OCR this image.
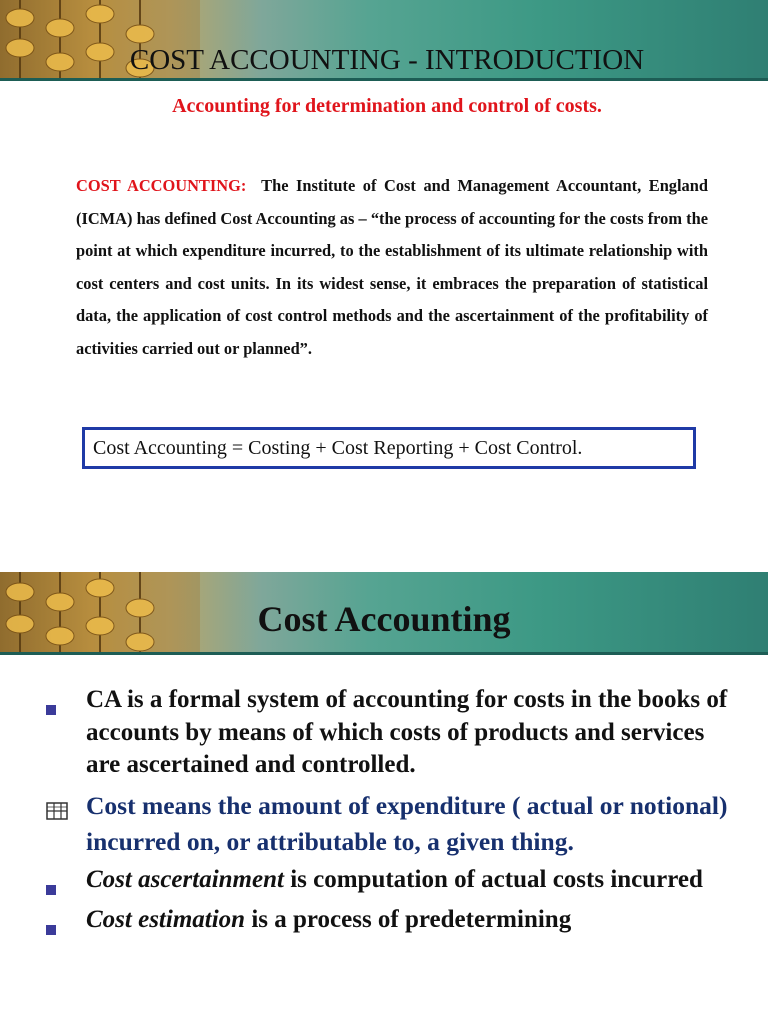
COST ACCOUNTING - INTRODUCTION
Accounting for determination and control of costs.
COST ACCOUNTING: The Institute of Cost and Management Accountant, England (ICMA) has defined Cost Accounting as – “the process of accounting for the costs from the point at which expenditure incurred, to the establishment of its ultimate relationship with cost centers and cost units. In its widest sense, it embraces the preparation of statistical data, the application of cost control methods and the ascertainment of the profitability of activities carried out or planned”.
Cost Accounting = Costing + Cost Reporting + Cost Control.
Cost Accounting
CA is a formal system of accounting for costs in the books of accounts by means of which costs of products and services are ascertained and controlled.
Cost means the amount of expenditure ( actual or notional) incurred on, or attributable to, a given thing.
Cost ascertainment is computation of actual costs incurred
Cost estimation is a process of predetermining
